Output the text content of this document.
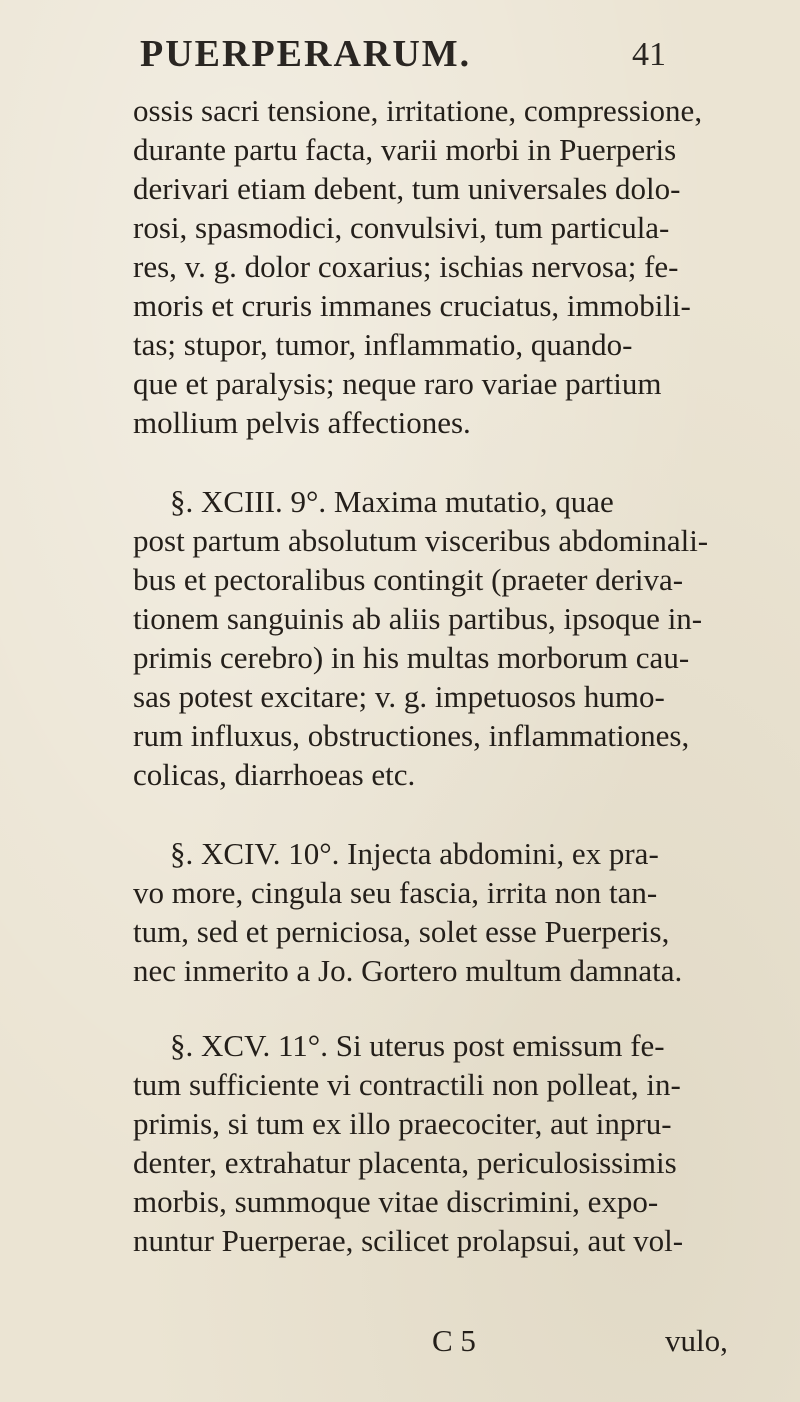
PUERPERARUM.	41
ossis sacri tensione, irritatione, compressione,
durante partu facta, varii morbi in Puerperis
derivari etiam debent, tum universales dolo-
rosi, spasmodici, convulsivi, tum particula-
res, v. g. dolor coxarius; ischias nervosa; fe-
moris et cruris immanes cruciatus, immobili-
tas; stupor, tumor, inflammatio, quando-
que et paralysis; neque raro variae partium
mollium pelvis affectiones.
§. XCIII. 9°. Maxima mutatio, quae
post partum absolutum visceribus abdominali-
bus et pectoralibus contingit (praeter deriva-
tionem sanguinis ab aliis partibus, ipsoque in-
primis cerebro) in his multas morborum cau-
sas potest excitare; v. g. impetuosos humo-
rum influxus, obstructiones, inflammationes,
colicas, diarrhoeas etc.
§. XCIV. 10°. Injecta abdomini, ex pra-
vo more, cingula seu fascia, irrita non tan-
tum, sed et perniciosa, solet esse Puerperis,
nec inmerito a Jo. Gortero multum damnata.
§. XCV. 11°. Si uterus post emissum fe-
tum sufficiente vi contractili non polleat, in-
primis, si tum ex illo praecociter, aut inpru-
denter, extrahatur placenta, periculosissimis
morbis, summoque vitae discrimini, expo-
nuntur Puerperae, scilicet prolapsui, aut vol-
C 5	vulo,
